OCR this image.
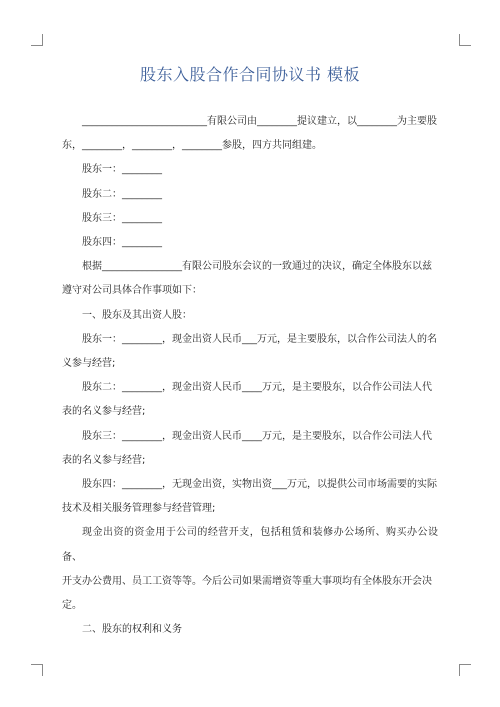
股东入股合作合同协议书 模板

_________________________有限公司由________提议建立，以________为主要股

东，________，________，________参股，四方共同组建。

股东一：________

股东二：________

股东三：________

股东四：________

根据________________有限公司股东会议的一致通过的决议，确定全体股东以兹

遵守对公司具体合作事项如下：

一、股东及其出资人股：

股东一：________，现金出资人民币___万元，是主要股东，以合作公司法人的名

义参与经营;

股东二：________，现金出资人民币____万元，是主要股东，以合作公司法人代

表的名义参与经营;

股东三：________，现金出资人民币____万元，是主要股东，以合作公司法人代

表的名义参与经营;

股东四：________，无现金出资，实物出资___万元，以提供公司市场需要的实际

技术及相关服务管理参与经营管理;

现金出资的资金用于公司的经营开支，包括租赁和装修办公场所、购买办公设备、

开支办公费用、员工工资等等。今后公司如果需增资等重大事项均有全体股东开会决

定。

二、股东的权利和义务
